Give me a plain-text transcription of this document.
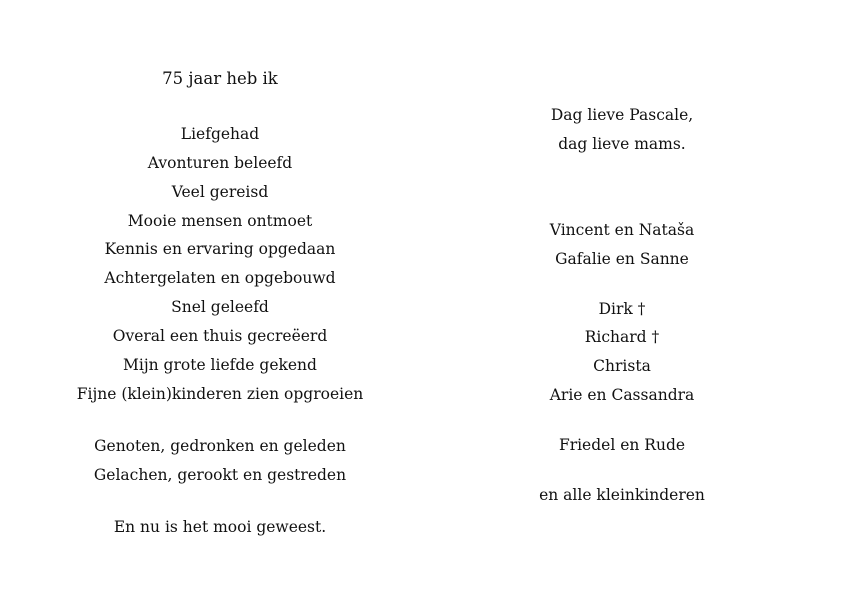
75 jaar heb ik
Liefgehad
Avonturen beleefd
Veel gereisd
Mooie mensen ontmoet
Kennis en ervaring opgedaan
Achtergelaten en opgebouwd
Snel geleefd
Overal een thuis gecreëerd
Mijn grote liefde gekend
Fijne (klein)kinderen zien opgroeien
Genoten, gedronken en geleden
Gelachen, gerookt en gestreden
En nu is het mooi geweest.
Dag lieve Pascale,
dag lieve mams.
Vincent en Nataša
Gafalie en Sanne
Dirk †
Richard †
Christa
Arie en Cassandra
Friedel en Rude
en alle kleinkinderen
